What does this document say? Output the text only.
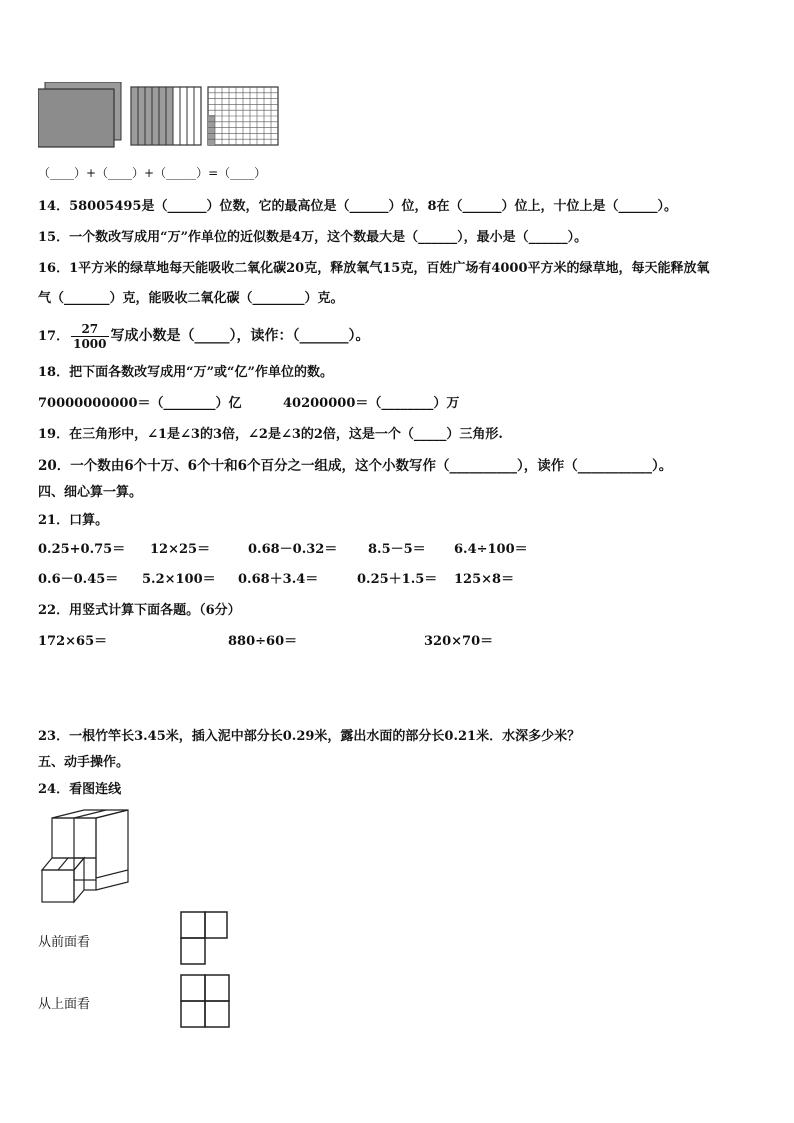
（____）+（____）+（_____）=（____）
14．58005495是（______）位数，它的最高位是（______）位，8在（______）位上，十位上是（______）。
15．一个数改写成用“万”作单位的近似数是4万，这个数最大是（______），最小是（______）。
16．1平方米的绿草地每天能吸收二氧化碳20克，释放氧气15克，百姓广场有4000平方米的绿草地，每天能释放氧
气（_______）克，能吸收二氧化碳（________）克。
17． $\frac{27}{1000}$ 写成小数是（_____），读作：（_______）。
18．把下面各数改写成用“万”或“亿”作单位的数。
70000000000＝（________）亿	40200000＝（________）万
19．在三角形中，∠1是∠3的3倍，∠2是∠3的2倍，这是一个（_____）三角形.
20．一个数由6个十万、6个十和6个百分之一组成，这个小数写作（__________），读作（___________）。
四、细心算一算。
21．口算。
0.25+0.75＝ 12×25＝	0.68－0.32＝ 8.5－5＝ 6.4÷100＝
0.6－0.45＝ 5.2×100＝ 0.68＋3.4＝	0.25＋1.5＝ 125×8＝
22．用竖式计算下面各题。（6分）
172×65＝	880÷60＝	320×70＝
23．一根竹竿长3.45米，插入泥中部分长0.29米，露出水面的部分长0.21米．水深多少米？
五、动手操作。
24．看图连线
从前面看
从上面看
